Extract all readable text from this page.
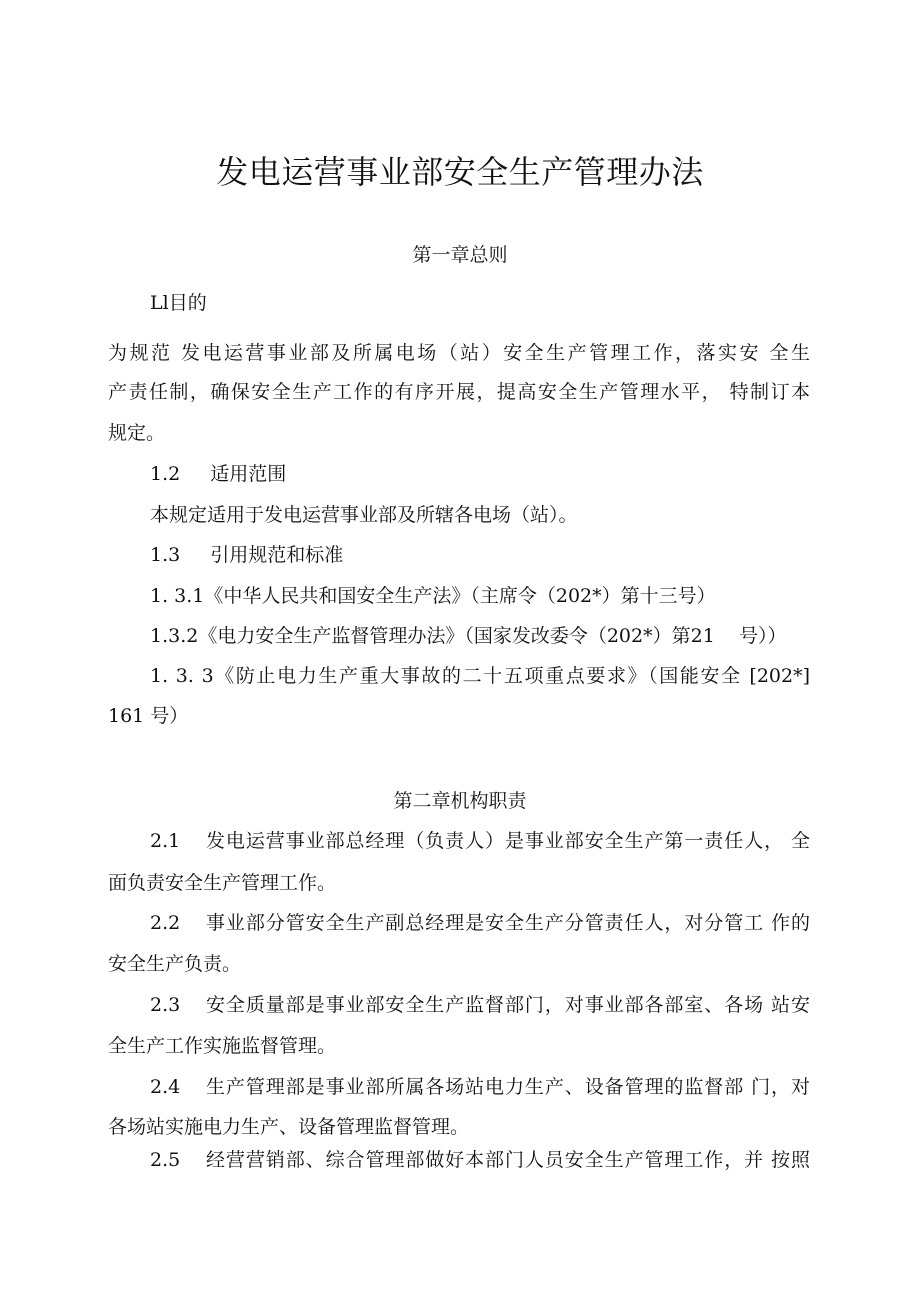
发电运营事业部安全生产管理办法

第一章总则

Ll目的

为规范 发电运营事业部及所属电场（站）安全生产管理工作，落实安 全生

产责任制，确保安全生产工作的有序开展，提高安全生产管理水平， 特制订本

规定。

1.2 适用范围

本规定适用于发电运营事业部及所辖各电场（站）。

1.3 引用规范和标准

1. 3.1《中华人民共和国安全生产法》（主席令（202*）第十三号）

1.3.2《电力安全生产监督管理办法》（国家发改委令（202*）第21    号））

1. 3. 3《防止电力生产重大事故的二十五项重点要求》（国能安全 [202*]

161 号）

第二章机构职责

2.1	发电运营事业部总经理（负责人）是事业部安全生产第一责任人， 全

面负责安全生产管理工作。

2.2	事业部分管安全生产副总经理是安全生产分管责任人，对分管工 作的

安全生产负责。

2.3	安全质量部是事业部安全生产监督部门，对事业部各部室、各场 站安

全生产工作实施监督管理。

2.4	生产管理部是事业部所属各场站电力生产、设备管理的监督部 门，对

各场站实施电力生产、设备管理监督管理。

2.5	经营营销部、综合管理部做好本部门人员安全生产管理工作，并 按照
